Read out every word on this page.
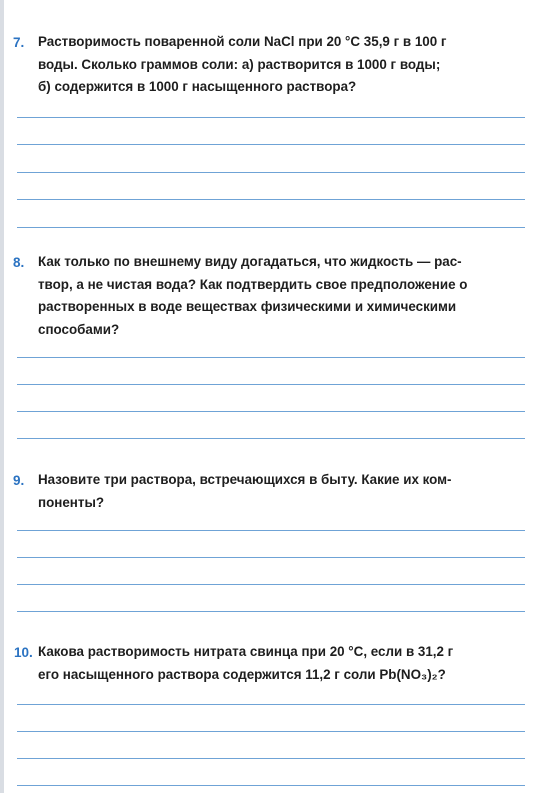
7. Растворимость поваренной соли NaCl при 20 °С 35,9 г в 100 г
воды. Сколько граммов соли: а) растворится в 1000 г воды;
б) содержится в 1000 г насыщенного раствора?
8. Как только по внешнему виду догадаться, что жидкость — рас-
твор, а не чистая вода? Как подтвердить свое предположение о
растворенных в воде веществах физическими и химическими
способами?
9. Назовите три раствора, встречающихся в быту. Какие их ком-
поненты?
10. Какова растворимость нитрата свинца при 20 °С, если в 31,2 г
его насыщенного раствора содержится 11,2 г соли Pb(NO₃)₂?
